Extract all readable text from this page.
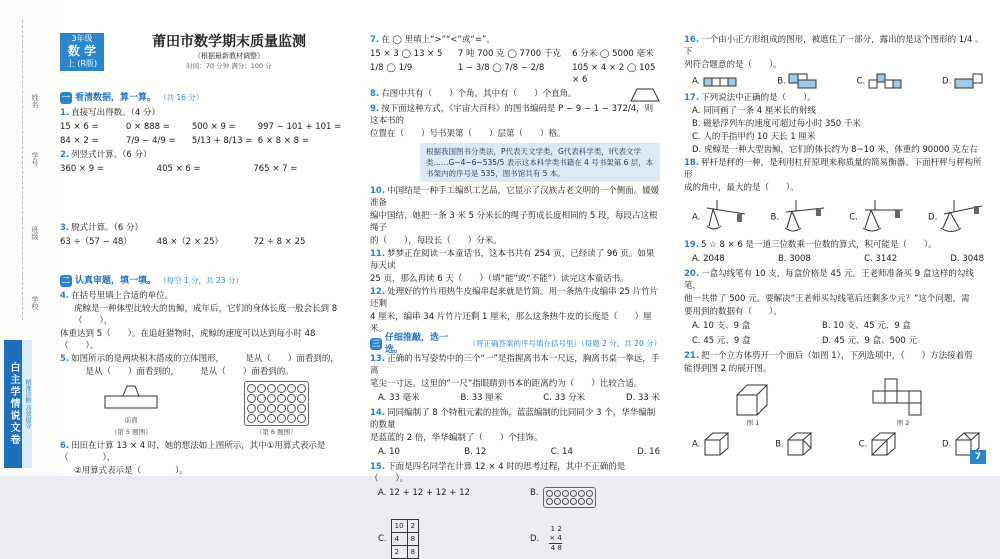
姓名
学号
班级
学校
白主学情说文卷 精准诊断 高效提分
3年级
数 学
上 (R版)
莆田市数学期末质量监测
（根据最新教材调整）
时间：70 分钟 满分：100 分
一 看清数据，算一算。 （共 16 分）
1. 直接写出得数。（4 分）
15 × 6 =	0 × 888 =	500 × 9 =	997 − 101 + 101 =
84 × 2 =	7/9 − 4/9 =	5/13 + 8/13 = 6 × 8 × 8 =
2. 列竖式计算。（6 分）
360 × 9 =	405 × 6 =	765 × 7 =
3. 脱式计算。（6 分）
63 ÷（57 − 48）	48 ×（2 × 25）	72 ÷ 8 × 25
二 认真审题，填一填。 （每空 1 分，共 23 分）
4. 在括号里填上合适的单位。
虎鲸是一种体型比较大的齿鲸，成年后，它们的身体长度一般会长到 8（　　），
体重达到 5（　　）。在追赶猎物时，虎鲸的速度可以达到每小时 48（　　）。
5. 如图所示的是两块积木搭成的立体图形，　　　是从（　　）面看到的，
　　　是从（　　）面看到的，　　　是从（　　）面看到的。
前面
（第 5 题图）	（第 6 题图）
6. 田田在计算 13 × 4 时，她的想法如上图所示，其中①用算式表示是（　　　　），
②用算式表示是（　　　　）。
7. 在 ◯ 里填上“>”“<”或“=”。
15 × 3 ◯ 13 × 5	7 吨 700 克 ◯ 7700 千克	6 分米 ◯ 5000 毫米
1/8 ◯ 1/9	1 − 3/8 ◯ 7/8 − 2/8	105 × 4 × 2 ◯ 105 × 6
8. 右图中共有（　　）个角，其中有（　　）个直角。
9. 按下面这种方式，《宇宙大百科》的图书编码是 P − 9 − 1 − 372/4，则这本书的
位置在（　　）号书架第（　　）层第（　　）格。
根据我国图书分类法，P代表天文学类，G代表科学类，I代表文学类……G−4−6−535/5 表示这本科学类书籍在 4 号书架第 6 层，本书架内的序号是 535，图书馆共有 5 本。
10. 中国结是一种手工编织工艺品，它显示了汉族古老文明的一个侧面。媛媛准备
编中国结，她把一条 3 米 5 分米长的绳子剪成长度相同的 5 段，每段占这根绳子
的（　　），每段长（　　）分米。
11. 梦梦正在阅读一本童话书，这本书共有 254 页，已经读了 96 页。如果每天读
25 页，那么再读 6 天（　　）（填“能”或“不能”）读完这本童话书。
12. 处理好的竹片用热牛皮编串起来就是竹简。用一条热牛皮编串 25 片竹片还剩
4 厘米，编串 34 片竹片还剩 1 厘米，那么这条热牛皮的长度是（　　）厘米。
三
仔细推敲，选一选。
（将正确答案的序号填在括号里）（每题 2 分，共 20 分）
13. 正确的书写姿势中的三个“一”是指握离书本一尺远，胸离书桌一拳远，手离
笔尖一寸远。这里的“一尺”指眼睛到书本的距离约为（　　）比较合适。
A. 33 毫米	B. 33 厘米	C. 33 分米	D. 33 米
14. 同同编制了 8 个特租元素的挂饰，蓝蓝编制的比同同少 3 个，华华编制的数量
是蓝蓝的 2 倍，华华编制了（　　）个挂饰。
A. 10	B. 12	C. 14	D. 16
15. 下面是四名同学在计算 12 × 4 时的思考过程，其中不正确的是（　　）。
A. 12 + 12 + 12 + 12	B.
C.
10	2
4	8
2	8
D.
1 2
× 4
4 8
16. 一个由小正方形组成的图形，被遮住了一部分，露出的是这个图形的 1/4 。下
列符合题意的是（　　）。
A.	B.	C.	D.
17. 下列说法中正确的是（　　）。
A. 同同画了一条 4 厘米长的射线
B. 磁悬浮列车的速度可超过每小时 350 千米
C. 人的手指甲约 10 天长 1 厘米
D. 虎鲸是一种大型齿鲸，它们的体长约为 8~10 米，体重约 90000 克左右
18. 秤杆是秤的一种，是利用杠杆原理来称质量的简易衡器。下面杆秤与秤构所形
成的角中，最大的是（　　）。
A.	B.	C.	D.
19. 5 ☆ 8 × 6 是一道三位数乘一位数的算式，积可能是（　　）。
A. 2048	B. 3008	C. 3142	D. 3048
20. 一盒勾线笔有 10 支，每盒价格是 45 元。王老师准备买 9 盒这样的勾线笔，
他一共带了 500 元。要解决“王老师买勾线笔后还剩多少元？”这个问题，需
要用到的数据有（　　）。
A. 10 支、9 盒	B. 10 支、45 元、9 盒
C. 45 元、9 盒	D. 45 元、9 盒、500 元
21. 把一个立方体剪开一个面后（如图 1），下列选项中，（　　）方法接着剪
能得到图 2 的展开图。
图 1	图 2
A.	B.	C.	D.
7
